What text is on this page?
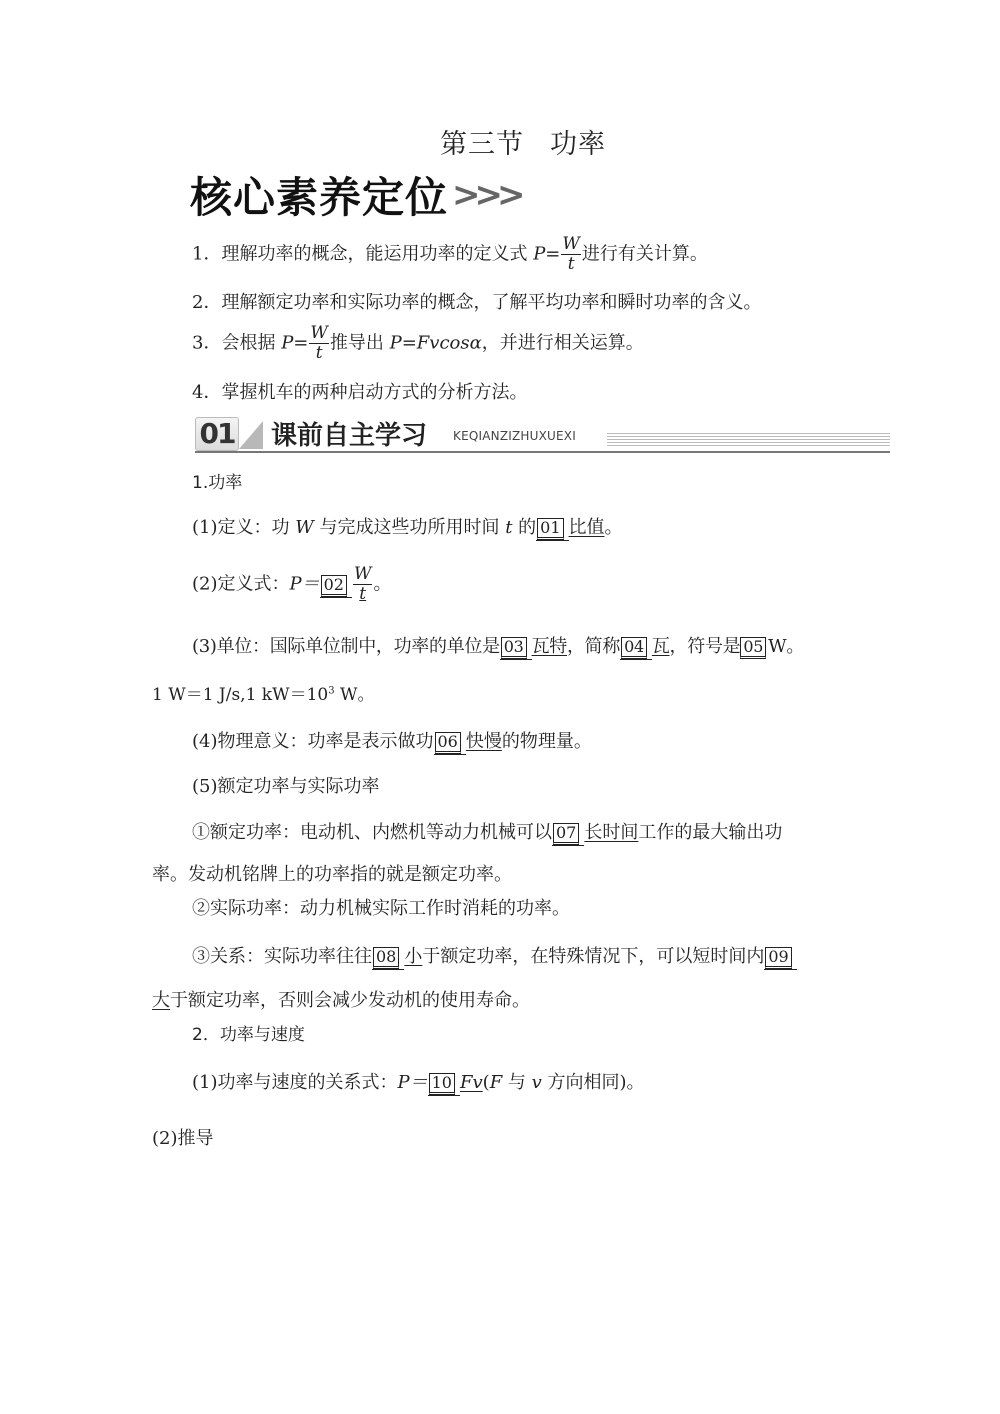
第三节 功率
核心素养定位 >>>
1．理解功率的概念，能运用功率的定义式 $P= \frac{W}{t}$ 进行有关计算。
2．理解额定功率和实际功率的概念，了解平均功率和瞬时功率的含义。
3．会根据 $P= \frac{W}{t}$ 推导出 P=Fvcosα，并进行相关运算。
4．掌握机车的两种启动方式的分析方法。
01 课前自主学习 KEQIANZIZHUXUEXI
1.功率
(1)定义：功 W 与完成这些功所用时间 t 的 01 比值。
(2)定义式：$P= 02 \frac{W}{t}$ 。
(3)单位：国际单位制中，功率的单位是 03 瓦特，简称 04 瓦，符号是 05 W。
1 W＝1 J/s,1 $kW=10^3$ W。
(4)物理意义：功率是表示做功 06 快慢的物理量。
(5)额定功率与实际功率
①额定功率：电动机、内燃机等动力机械可以 07 长时间工作的最大输出功
率。发动机铭牌上的功率指的就是额定功率。
②实际功率：动力机械实际工作时消耗的功率。
③关系：实际功率往往 08 小于额定功率，在特殊情况下，可以短时间内 09
大于额定功率，否则会减少发动机的使用寿命。
2．功率与速度
(1)功率与速度的关系式：P＝ 10 Fv(F 与 v 方向相同)。
(2)推导
